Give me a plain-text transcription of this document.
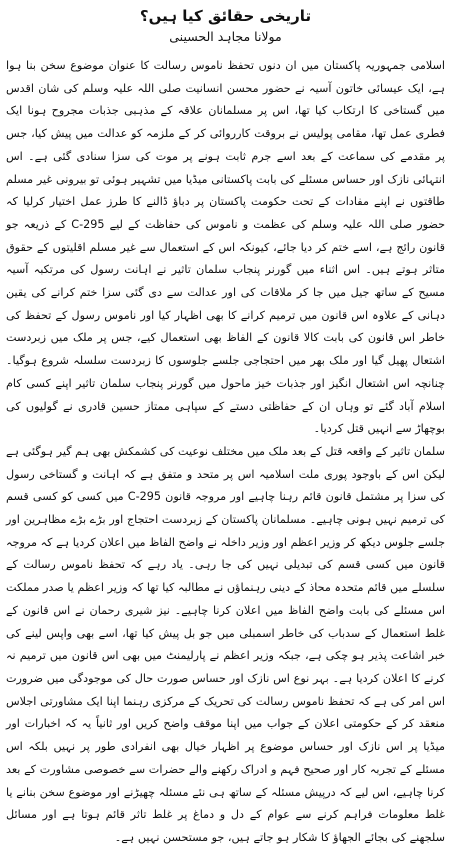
تاریخی حقائق کیا ہیں؟
مولانا مجاہد الحسینی

اسلامی جمہوریہ پاکستان میں ان دنوں تحفظ ناموس رسالت کا عنوان موضوع سخن بنا ہوا ہے، ایک عیسائی خاتون آسیہ نے حضور محسن انسانیت صلی اللہ علیہ وسلم کی شان اقدس میں گستاخی کا ارتکاب کیا تھا، اس پر مسلمانان علاقہ کے مذہبی جذبات مجروح ہونا ایک فطری عمل تھا، مقامی پولیس نے بروقت کارروائی کر کے ملزمہ کو عدالت میں پیش کیا، جس پر مقدمے کی سماعت کے بعد اسے جرم ثابت ہونے پر موت کی سزا سنادی گئی ہے۔ اس انتہائی نازک اور حساس مسئلے کی بابت پاکستانی میڈیا میں تشہیر ہوئی تو بیرونی غیر مسلم طاقتوں نے اپنے مفادات کے تحت حکومت پاکستان پر دباؤ ڈالنے کا طرز عمل اختیار کرلیا کہ حضور صلی اللہ علیہ وسلم کی عظمت و ناموس کی حفاظت کے لیے C-295 کے ذریعہ جو قانون رائج ہے، اسے ختم کر دیا جائے، کیونکہ اس کے استعمال سے غیر مسلم اقلیتوں کے حقوق متاثر ہوتے ہیں۔ اس اثناء میں گورنر پنجاب سلمان تاثیر نے اہانت رسول کی مرتکبہ آسیہ مسیح کے ساتھ جیل میں جا کر ملاقات کی اور عدالت سے دی گئی سزا ختم کرانے کی یقین دہانی کے علاوہ اس قانون میں ترمیم کرانے کا بھی اظہار کیا اور ناموس رسول کے تحفظ کی خاطر اس قانون کی بابت کالا قانون کے الفاظ بھی استعمال کیے، جس پر ملک میں زبردست اشتعال پھیل گیا اور ملک بھر میں احتجاجی جلسے جلوسوں کا زبردست سلسلہ شروع ہوگیا۔ چنانچہ اس اشتعال انگیز اور جذبات خیز ماحول میں گورنر پنجاب سلمان تاثیر اپنے کسی کام اسلام آباد گئے تو وہاں ان کے حفاظتی دستے کے سپاہی ممتاز حسین قادری نے گولیوں کی بوچھاڑ سے انہیں قتل کردیا۔

سلمان تاثیر کے واقعہ قتل کے بعد ملک میں مختلف نوعیت کی کشمکش بھی ہم گیر ہوگئی ہے لیکن اس کے باوجود پوری ملت اسلامیہ اس پر متحد و متفق ہے کہ اہانت و گستاخی رسول کی سزا پر مشتمل قانون قائم رہنا چاہیے اور مروجہ قانون C-295 میں کسی کو کسی قسم کی ترمیم نہیں ہونی چاہیے۔ مسلمانان پاکستان کے زبردست احتجاج اور بڑے بڑے مظاہرین اور جلسے جلوس دیکھ کر وزیر اعظم اور وزیر داخلہ نے واضح الفاظ میں اعلان کردیا ہے کہ مروجہ قانون میں کسی قسم کی تبدیلی نہیں کی جا رہی۔ یاد رہے کہ تحفظ ناموس رسالت کے سلسلے میں قائم متحدہ محاذ کے دینی رہنماؤں نے مطالبہ کیا تھا کہ وزیر اعظم یا صدر مملکت اس مسئلے کی بابت واضح الفاظ میں اعلان کرنا چاہیے۔ نیز شیری رحمان نے اس قانون کے غلط استعمال کے سدباب کی خاطر اسمبلی میں جو بل پیش کیا تھا، اسے بھی واپس لینے کی خبر اشاعت پذیر ہو چکی ہے، جبکہ وزیر اعظم نے پارلیمنٹ میں بھی اس قانون میں ترمیم نہ کرنے کا اعلان کردیا ہے۔ بہر نوع اس نازک اور حساس صورت حال کی موجودگی میں ضرورت اس امر کی ہے کہ تحفظ ناموس رسالت کی تحریک کے مرکزی رہنما اپنا ایک مشاورتی اجلاس منعقد کر کے حکومتی اعلان کے جواب میں اپنا موقف واضح کریں اور ثانیاً یہ کہ اخبارات اور میڈیا پر اس نازک اور حساس موضوع پر اظہار خیال بھی انفرادی طور پر نہیں بلکہ اس مسئلے کے تجربہ کار اور صحیح فہم و ادراک رکھنے والے حضرات سے خصوصی مشاورت کے بعد کرنا چاہیے، اس لیے کہ درپیش مسئلہ کے ساتھ ہی نئے مسئلہ چھیڑنے اور موضوع سخن بنانے یا غلط معلومات فراہم کرنے سے عوام کے دل و دماغ پر غلط تاثر قائم ہوتا ہے اور مسائل سلجھنے کی بجائے الجھاؤ کا شکار ہو جاتے ہیں، جو مستحسن نہیں ہے۔
